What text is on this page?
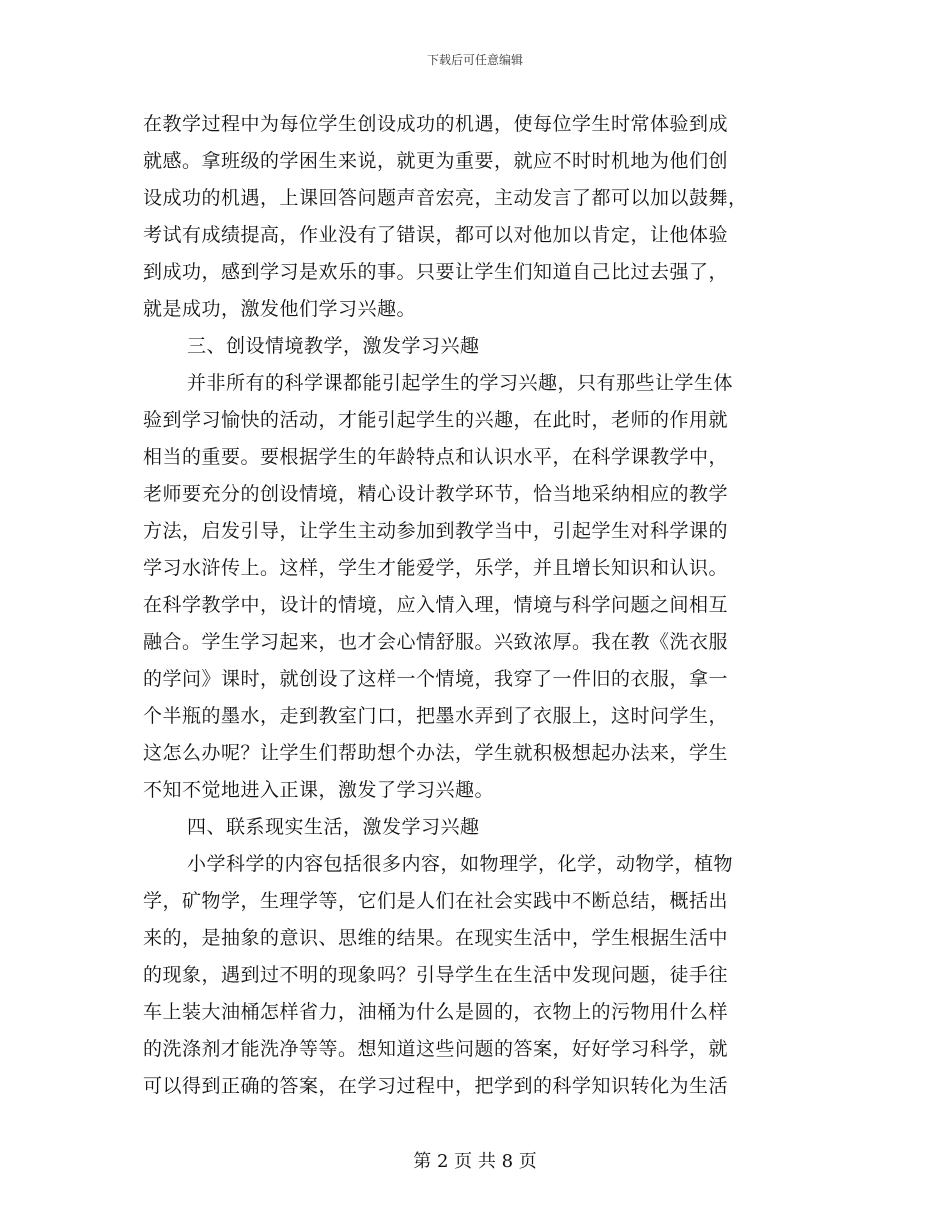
下载后可任意编辑
在教学过程中为每位学生创设成功的机遇，使每位学生时常体验到成
就感。拿班级的学困生来说，就更为重要，就应不时时机地为他们创
设成功的机遇，上课回答问题声音宏亮，主动发言了都可以加以鼓舞，
考试有成绩提高，作业没有了错误，都可以对他加以肯定，让他体验
到成功，感到学习是欢乐的事。只要让学生们知道自己比过去强了，
就是成功，激发他们学习兴趣。
三、创设情境教学，激发学习兴趣
并非所有的科学课都能引起学生的学习兴趣，只有那些让学生体
验到学习愉快的活动，才能引起学生的兴趣，在此时，老师的作用就
相当的重要。要根据学生的年龄特点和认识水平，在科学课教学中，
老师要充分的创设情境，精心设计教学环节，恰当地采纳相应的教学
方法，启发引导，让学生主动参加到教学当中，引起学生对科学课的
学习水浒传上。这样，学生才能爱学，乐学，并且增长知识和认识。
在科学教学中，设计的情境，应入情入理，情境与科学问题之间相互
融合。学生学习起来，也才会心情舒服。兴致浓厚。我在教《洗衣服
的学问》课时，就创设了这样一个情境，我穿了一件旧的衣服，拿一
个半瓶的墨水，走到教室门口，把墨水弄到了衣服上，这时问学生，
这怎么办呢？让学生们帮助想个办法，学生就积极想起办法来，学生
不知不觉地进入正课，激发了学习兴趣。
四、联系现实生活，激发学习兴趣
小学科学的内容包括很多内容，如物理学，化学，动物学，植物
学，矿物学，生理学等，它们是人们在社会实践中不断总结，概括出
来的，是抽象的意识、思维的结果。在现实生活中，学生根据生活中
的现象，遇到过不明的现象吗？引导学生在生活中发现问题，徒手往
车上装大油桶怎样省力，油桶为什么是圆的，衣物上的污物用什么样
的洗涤剂才能洗净等等。想知道这些问题的答案，好好学习科学，就
可以得到正确的答案，在学习过程中，把学到的科学知识转化为生活
第 2 页 共 8 页
